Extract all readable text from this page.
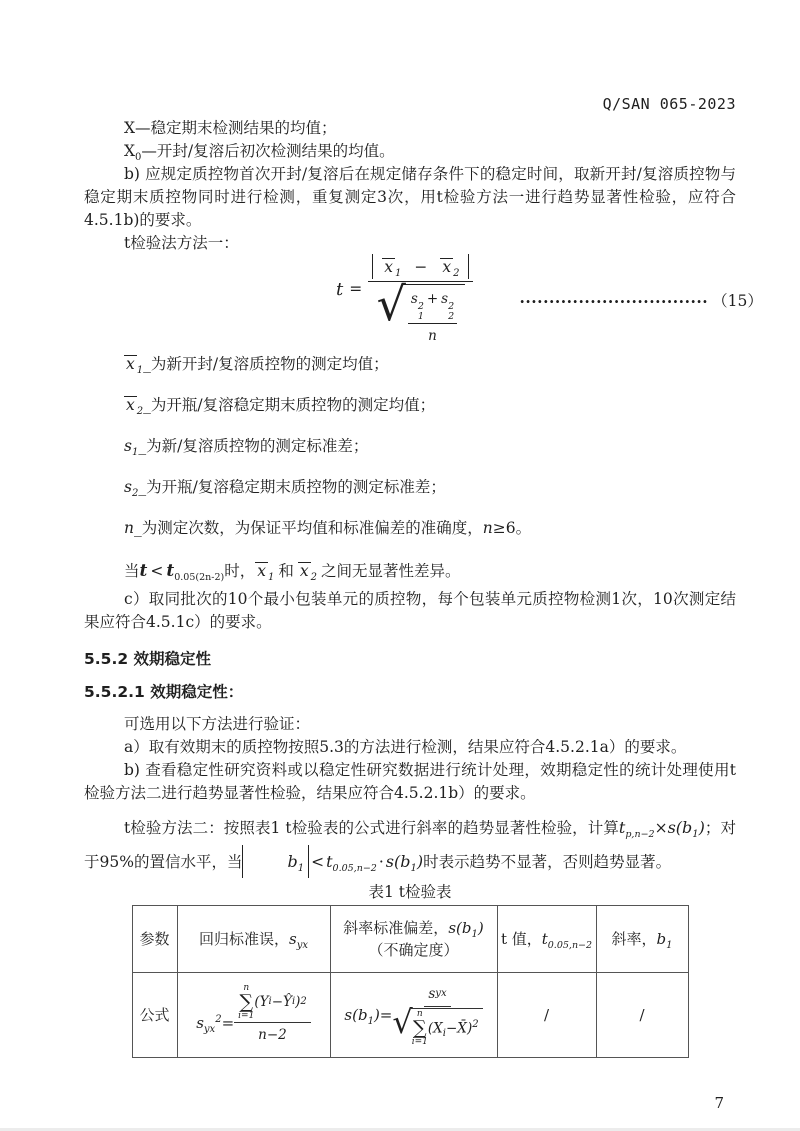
Q/SAN 065-2023

X—稳定期末检测结果的均值；

$X_0—$开封/复溶后初次检测结果的均值。

b) 应规定质控物首次开封/复溶后在规定储存条件下的稳定时间，取新开封/复溶质控物与稳定期末质控物同时进行检测，重复测定3次，用t检验方法一进行趋势显著性检验，应符合4.5.1b)的要求。

t检验法方法一：

t =
x $_1$ − x $_2$
√ s 2
1
+ s 2
2
n	································ （15）
x $_1$_为新开封/复溶质控物的测定均值；
x $_2$_为开瓶/复溶稳定期末质控物的测定均值；
$s_1\_$为新/复溶质控物的测定标准差；
$s_2\_$为开瓶/复溶稳定期末质控物的测定标准差；
n_为测定次数，为保证平均值和标准偏差的准确度，n≥6。
当$t < t_{0.05(2n-2)}$时， x $_1$ 和 x $_2$ 之间无显著性差异。

c）取同批次的10个最小包装单元的质控物，每个包装单元质控物检测1次，10次测定结果应符合4.5.1c）的要求。

5.5.2 效期稳定性

5.5.2.1 效期稳定性：

可选用以下方法进行验证：

a）取有效期末的质控物按照5.3的方法进行检测，结果应符合4.5.2.1a）的要求。

b) 查看稳定性研究资料或以稳定性研究数据进行统计处理，效期稳定性的统计处理使用t检验方法二进行趋势显著性检验，结果应符合4.5.2.1b）的要求。

t检验方法二：按照表1 t检验表的公式进行斜率的趋势显著性检验，计算$t_{p,n-2}\times s(b_1)$；对于95%的置信水平，当	$b_1 < t_{0.05,n-2} \cdot s(b_1)$时表示趋势不显著，否则趋势显著。

表1 t检验表
参数	回归标准误，$s_{yx}$	斜率标准偏差，$s(b_1)$
（不确定度）	t 值，$t_{0.05,n-2}$	斜率，$b_1$
公式	$s_{yx}^2= n$
∑
i=1
(Y i −Ŷ i ) 2
n−2	$s(b_1)=$
s yx
√ n
∑
i=1
$(X_i-X̄)^2$	/	/
7
